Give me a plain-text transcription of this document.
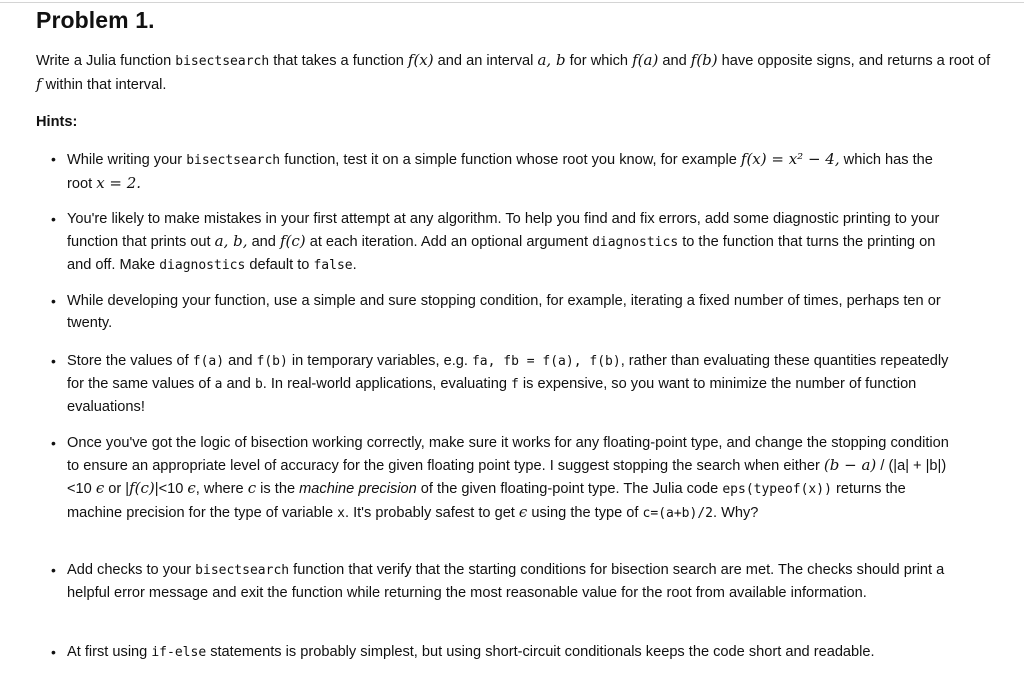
Problem 1.

Write a Julia function bisectsearch that takes a function f(x) and an interval a, b for which f(a) and f(b) have opposite signs, and returns a root of f within that interval.

Hints:

• While writing your bisectsearch function, test it on a simple function whose root you know, for example f(x) = x² − 4, which has the root x = 2.

• You're likely to make mistakes in your first attempt at any algorithm. To help you find and fix errors, add some diagnostic printing to your function that prints out a, b, and f(c) at each iteration. Add an optional argument diagnostics to the function that turns the printing on and off. Make diagnostics default to false.

• While developing your function, use a simple and sure stopping condition, for example, iterating a fixed number of times, perhaps ten or twenty.

• Store the values of f(a) and f(b) in temporary variables, e.g. fa, fb = f(a), f(b), rather than evaluating these quantities repeatedly for the same values of a and b. In real-world applications, evaluating f is expensive, so you want to minimize the number of function evaluations!

• Once you've got the logic of bisection working correctly, make sure it works for any floating-point type, and change the stopping condition to ensure an appropriate level of accuracy for the given floating point type. I suggest stopping the search when either (b − a) / (|a| + |b|)<10 ϵ or |f(c)|<10 ϵ, where c is the machine precision of the given floating-point type. The Julia code eps(typeof(x)) returns the machine precision for the type of variable x. It's probably safest to get ϵ using the type of c=(a+b)/2. Why?

• Add checks to your bisectsearch function that verify that the starting conditions for bisection search are met. The checks should print a helpful error message and exit the function while returning the most reasonable value for the root from available information.

• At first using if-else statements is probably simplest, but using short-circuit conditionals keeps the code short and readable.
